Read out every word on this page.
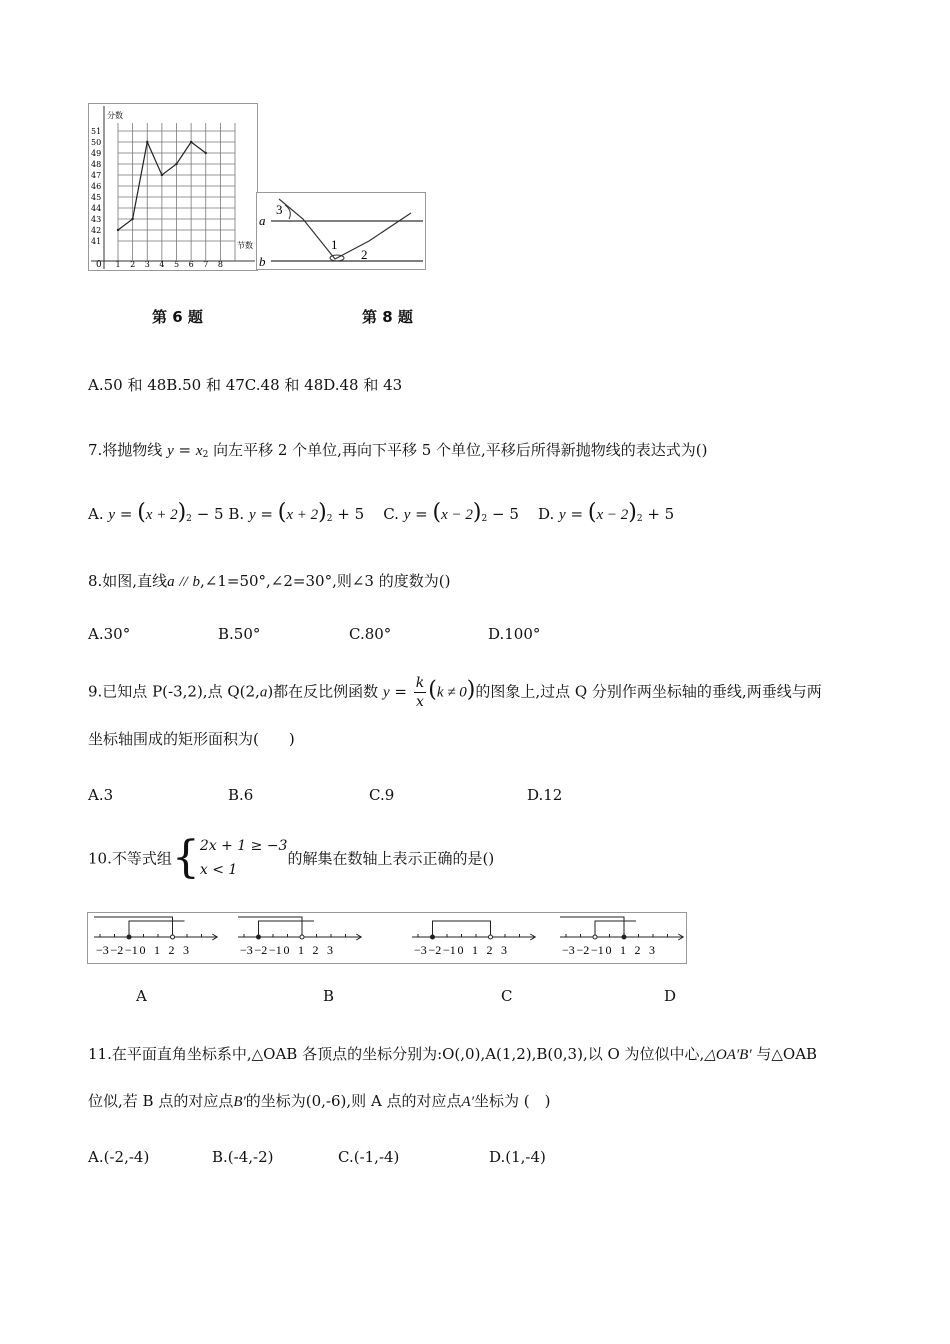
分数
节数
0
51
50
49
48
47
46
45
44
43
42
41
1 2 3 4 5 6 7 8
第 6 题
a
b
3
1
2
第 8 题
A.50 和 48B.50 和 47C.48 和 48D.48 和 43
7.将抛物线 $y = x_2$ 向左平移 2 个单位,再向下平移 5 个单位,平移后所得新抛物线的表达式为()
A. $y = (x + 2)_2 - 5$ B. $y = (x + 2)_2 + 5$ C. $y = (x - 2)_2 - 5$ D. $y = (x - 2)_2 + 5$
8.如图,直线a // b,∠1=50°,∠2=30°,则∠3 的度数为()
A.30°	B.50°	C.80°	D.100°
9.已知点 P(-3,2),点 Q(2,a)都在反比例函数 $y = \frac{k}{x} (k \ne 0)$的图象上,过点 Q 分别作两坐标轴的垂线,两垂线与两
坐标轴围成的矩形面积为(　　)
A.3	B.6	C.9	D.12
10.不等式组{ 2x + 1 ≥ −3
x < 1
的解集在数轴上表示正确的是()
−3 −2 −1 0 1 2 3	−3 −2 −1 0 1 2 3	−3 −2 −1 0 1 2 3	−3 −2 −1 0 1 2 3
A	B	C	D
11.在平面直角坐标系中,△OAB 各顶点的坐标分别为:O(,0),A(1,2),B(0,3),以 O 为位似中心,△OA′B′ 与△OAB
位似,若 B 点的对应点B′的坐标为(0,-6),则 A 点的对应点A′坐标为 (　)
A.(-2,-4)	B.(-4,-2)	C.(-1,-4)	D.(1,-4)
